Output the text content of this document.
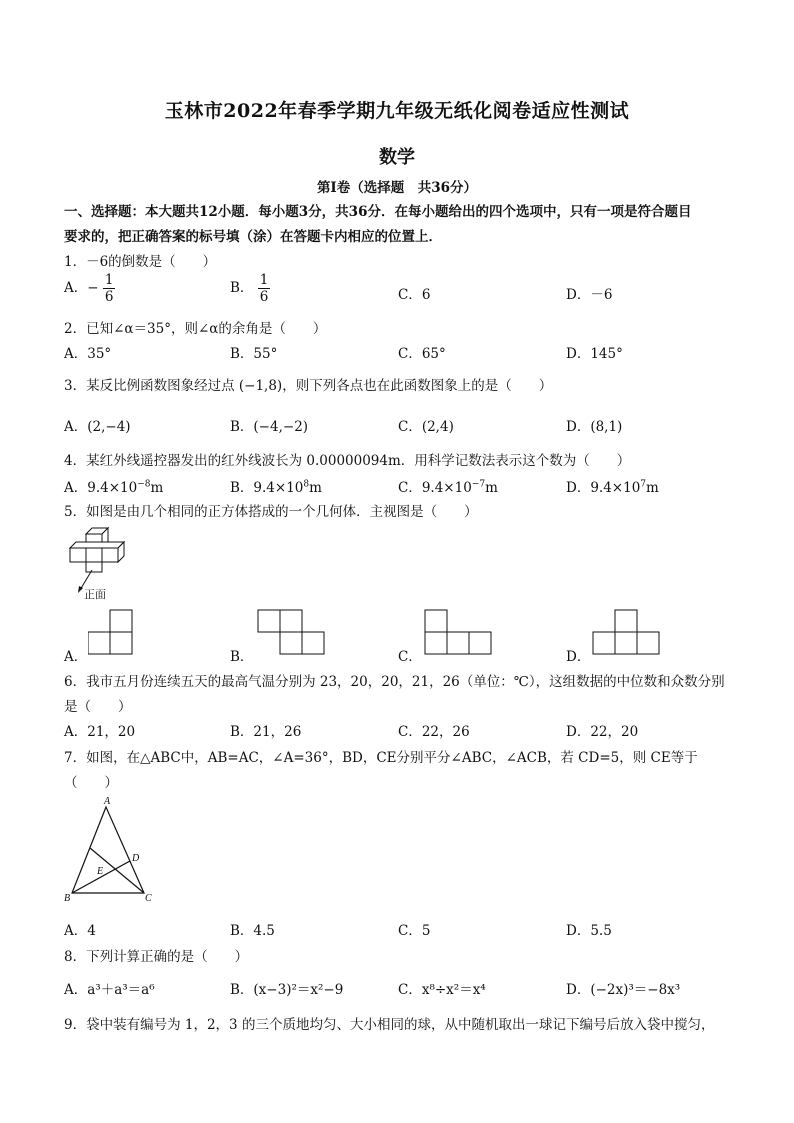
玉林市2022年春季学期九年级无纸化阅卷适应性测试
数学
第Ⅰ卷（选择题　共36分）
一、选择题：本大题共12小题．每小题3分，共36分．在每小题给出的四个选项中，只有一项是符合题目
要求的，把正确答案的标号填（涂）在答题卡内相应的位置上．
1．－6的倒数是（　　）
A．− $\frac{1}{6}$	B． $\frac{1}{6}$	C．6	D．－6
2．已知∠α＝35°，则∠α的余角是（　　）
A．35°	B．55°	C．65°	D．145°
3．某反比例函数图象经过点 (−1,8)，则下列各点也在此函数图象上的是（　　）
A．(2,−4)	B．(−4,−2)	C．(2,4)	D．(8,1)
4．某红外线遥控器发出的红外线波长为 0.00000094m．用科学记数法表示这个数为（　　）
A．$9.4\times 10^{-8}m$	B．$9.4\times 10^8m$	C．$9.4\times 10^{-7}m$	D．$9.4\times 10^7m$
5．如图是由几个相同的正方体搭成的一个几何体．主视图是（　　）
正面
A．	B．	C．	D．
6．我市五月份连续五天的最高气温分别为 23，20，20，21，26（单位：℃），这组数据的中位数和众数分别
是（　　）
A．21，20	B．21，26	C．22，26	D．22，20
7．如图，在△ABC中，AB=AC，∠A=36°，BD，CE分别平分∠ABC，∠ACB，若 CD=5，则 CE等于
（　　）
A
B	C
D
E
A．4	B．4.5	C．5	D．5.5
8．下列计算正确的是（　　）
A．a³＋a³＝a⁶	B．(x−3)²＝x²−9	C．x⁸÷x²＝x⁴	D．(−2x)³＝−8x³
9．袋中装有编号为 1，2，3 的三个质地均匀、大小相同的球，从中随机取出一球记下编号后放入袋中搅匀，
